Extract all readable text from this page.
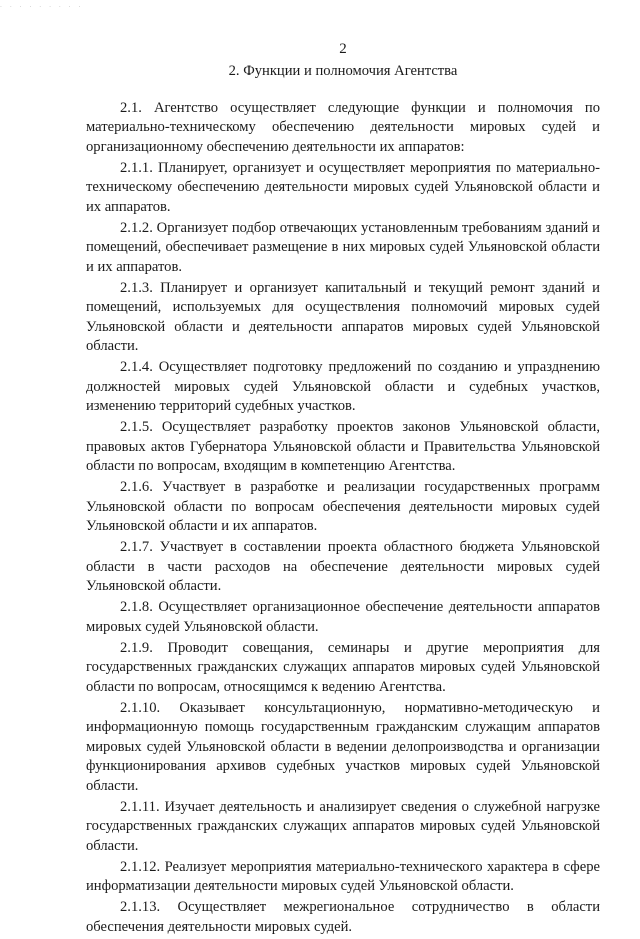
· · · · · · · · ·
2
2. Функции и полномочия Агентства

2.1. Агентство осуществляет следующие функции и полномочия по материально-техническому обеспечению деятельности мировых судей и организационному обеспечению деятельности их аппаратов:

2.1.1. Планирует, организует и осуществляет мероприятия по материально-техническому обеспечению деятельности мировых судей Ульяновской области и их аппаратов.

2.1.2. Организует подбор отвечающих установленным требованиям зданий и помещений, обеспечивает размещение в них мировых судей Ульяновской области и их аппаратов.

2.1.3. Планирует и организует капитальный и текущий ремонт зданий и помещений, используемых для осуществления полномочий мировых судей Ульяновской области и деятельности аппаратов мировых судей Ульяновской области.

2.1.4. Осуществляет подготовку предложений по созданию и упразднению должностей мировых судей Ульяновской области и судебных участков, изменению территорий судебных участков.

2.1.5. Осуществляет разработку проектов законов Ульяновской области, правовых актов Губернатора Ульяновской области и Правительства Ульяновской области по вопросам, входящим в компетенцию Агентства.

2.1.6. Участвует в разработке и реализации государственных программ Ульяновской области по вопросам обеспечения деятельности мировых судей Ульяновской области и их аппаратов.

2.1.7. Участвует в составлении проекта областного бюджета Ульяновской области в части расходов на обеспечение деятельности мировых судей Ульяновской области.

2.1.8. Осуществляет организационное обеспечение деятельности аппаратов мировых судей Ульяновской области.

2.1.9. Проводит совещания, семинары и другие мероприятия для государственных гражданских служащих аппаратов мировых судей Ульяновской области по вопросам, относящимся к ведению Агентства.

2.1.10. Оказывает консультационную, нормативно-методическую и информационную помощь государственным гражданским служащим аппаратов мировых судей Ульяновской области в ведении делопроизводства и организации функционирования архивов судебных участков мировых судей Ульяновской области.

2.1.11. Изучает деятельность и анализирует сведения о служебной нагрузке государственных гражданских служащих аппаратов мировых судей Ульяновской области.

2.1.12. Реализует мероприятия материально-технического характера в сфере информатизации деятельности мировых судей Ульяновской области.

2.1.13. Осуществляет межрегиональное сотрудничество в области обеспечения деятельности мировых судей.
